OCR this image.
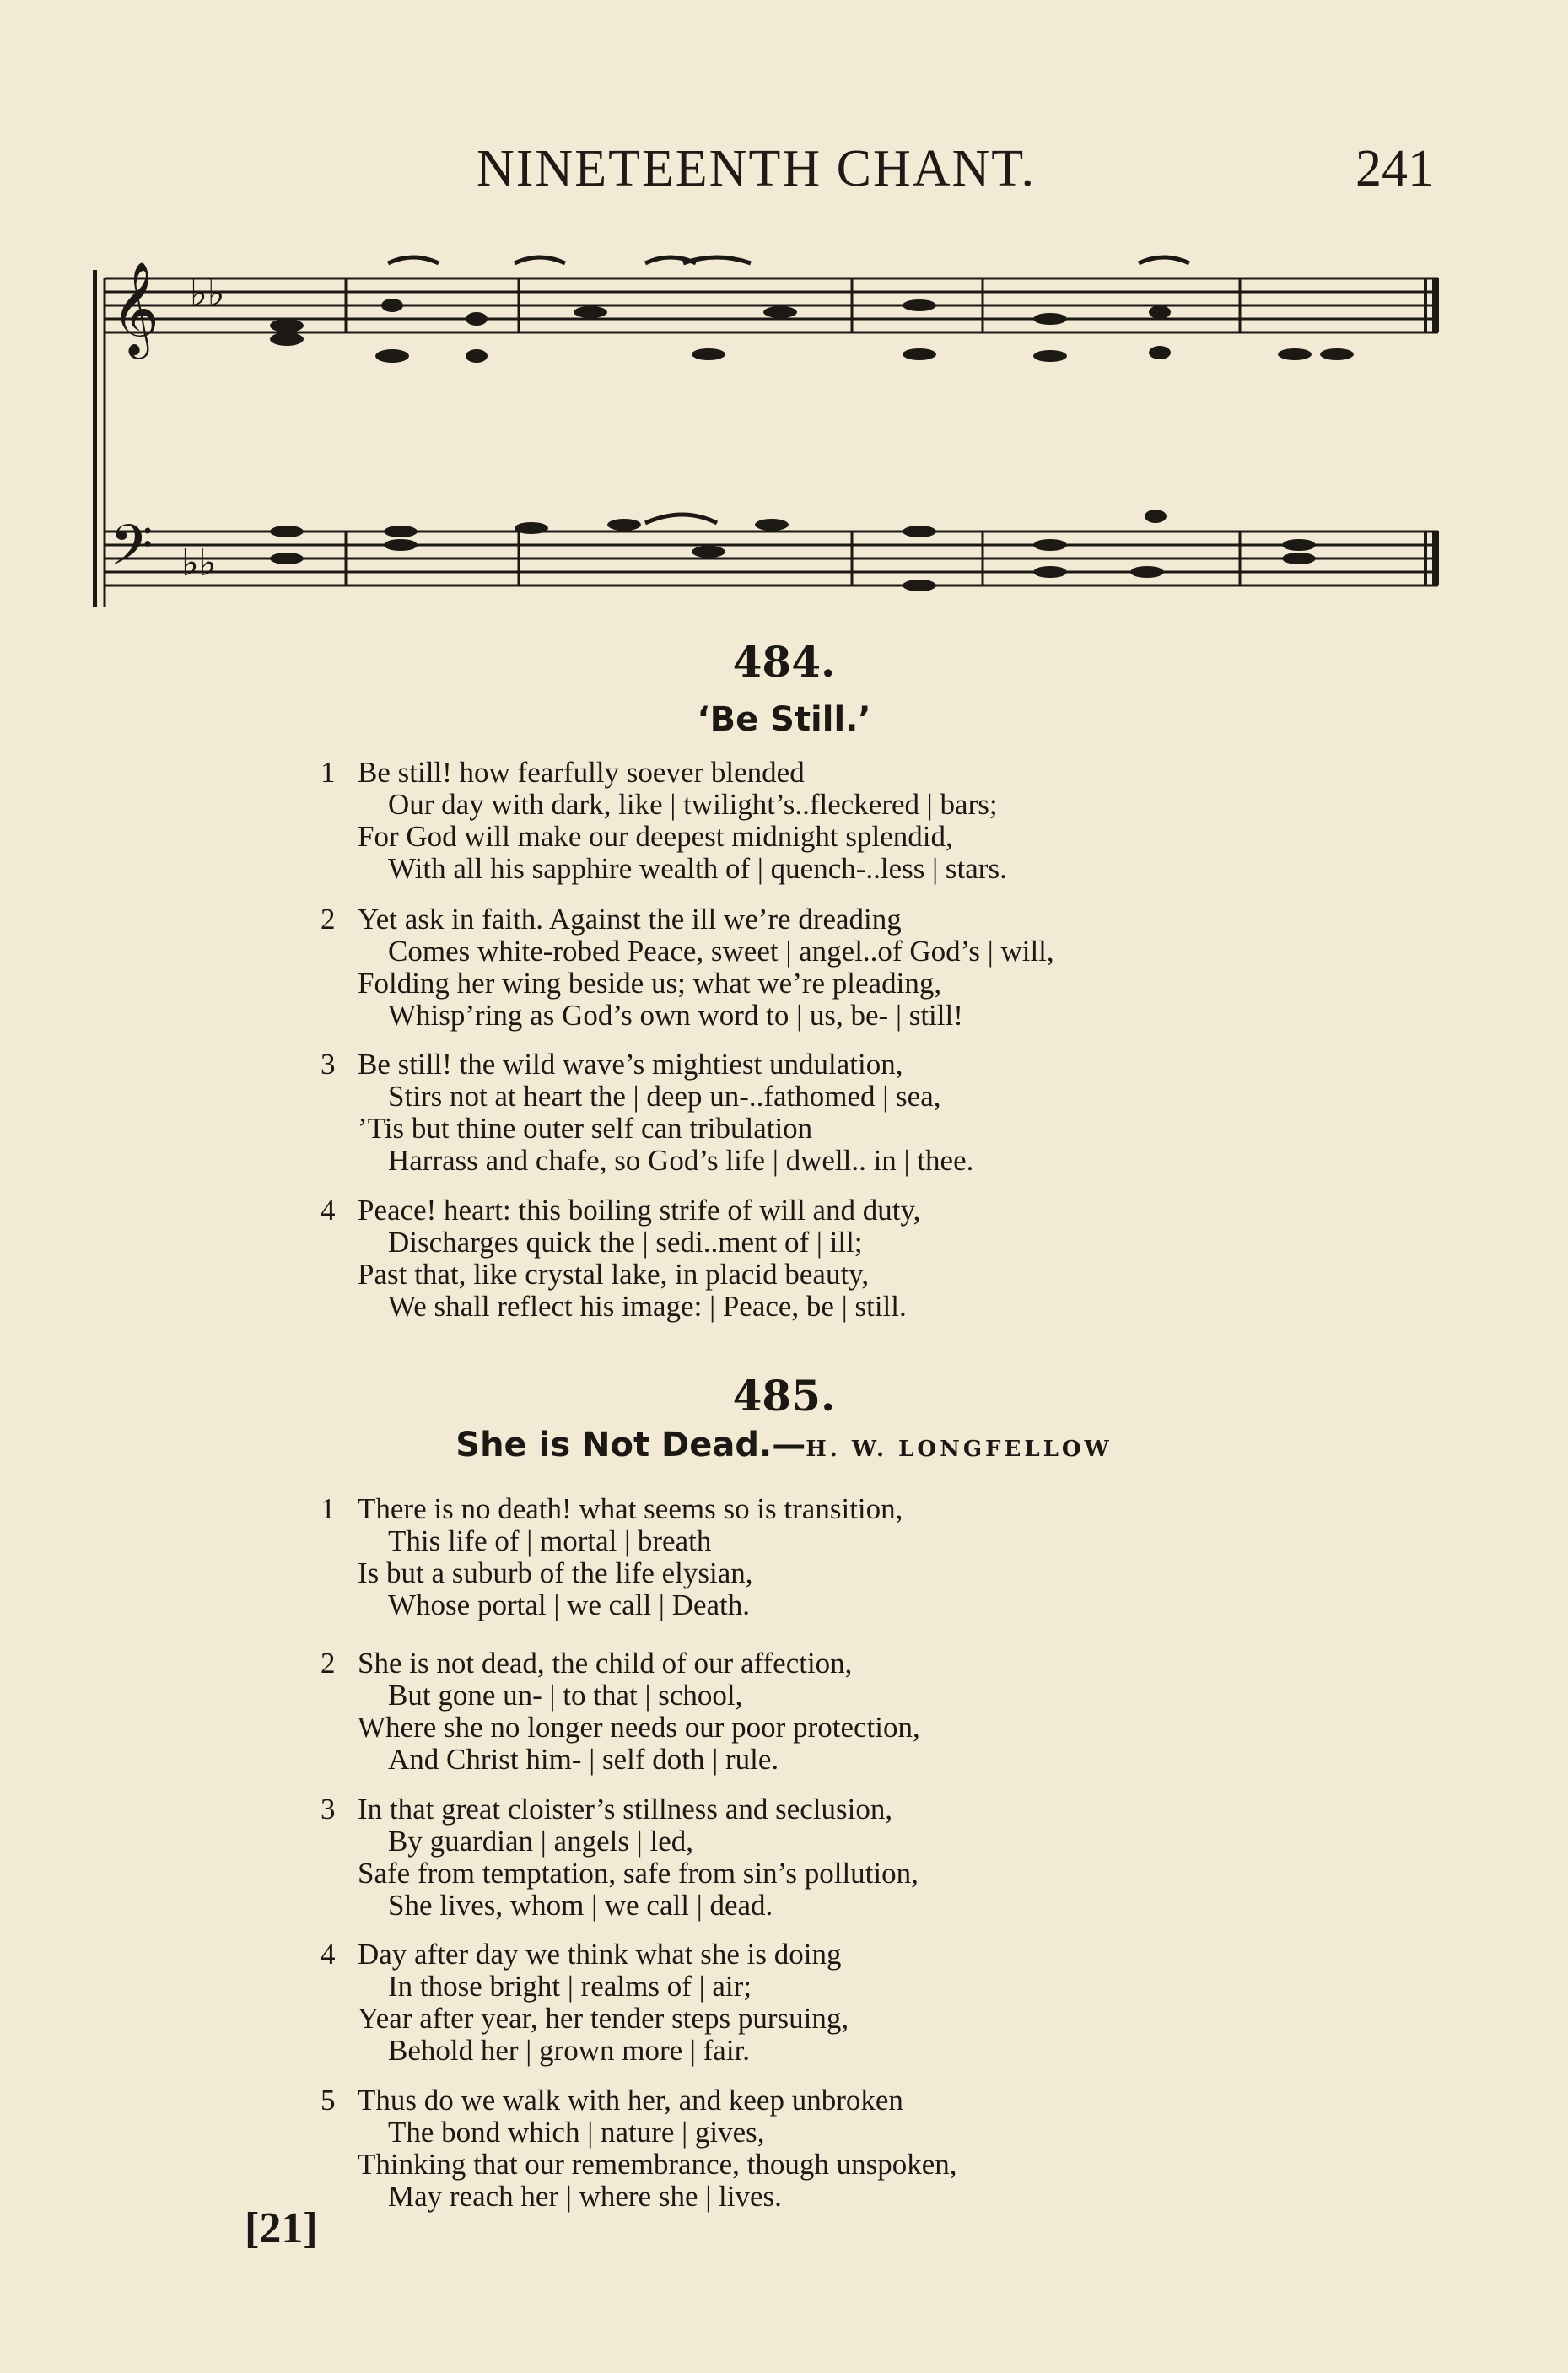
NINETEENTH CHANT.	241
𝄞
𝄢
♭♭
♭♭
484.
‘Be Still.’
1 Be still! how fearfully soever blended
Our day with dark, like | twilight’s..fleckered | bars;
For God will make our deepest midnight splendid,
With all his sapphire wealth of | quench-..less | stars.
2 Yet ask in faith. Against the ill we’re dreading
Comes white-robed Peace, sweet | angel..of God’s | will,
Folding her wing beside us; what we’re pleading,
Whisp’ring as God’s own word to | us, be- | still!
3 Be still! the wild wave’s mightiest undulation,
Stirs not at heart the | deep un-..fathomed | sea,
’Tis but thine outer self can tribulation
Harrass and chafe, so God’s life | dwell.. in | thee.
4 Peace! heart: this boiling strife of will and duty,
Discharges quick the | sedi..ment of | ill;
Past that, like crystal lake, in placid beauty,
We shall reflect his image: | Peace, be | still.
485.
She is Not Dead.—H. W. LONGFELLOW
1 There is no death! what seems so is transition,
This life of | mortal | breath
Is but a suburb of the life elysian,
Whose portal | we call | Death.
2 She is not dead, the child of our affection,
But gone un- | to that | school,
Where she no longer needs our poor protection,
And Christ him- | self doth | rule.
3 In that great cloister’s stillness and seclusion,
By guardian | angels | led,
Safe from temptation, safe from sin’s pollution,
She lives, whom | we call | dead.
4 Day after day we think what she is doing
In those bright | realms of | air;
Year after year, her tender steps pursuing,
Behold her | grown more | fair.
5 Thus do we walk with her, and keep unbroken
The bond which | nature | gives,
Thinking that our remembrance, though unspoken,
May reach her | where she | lives.
[21]
